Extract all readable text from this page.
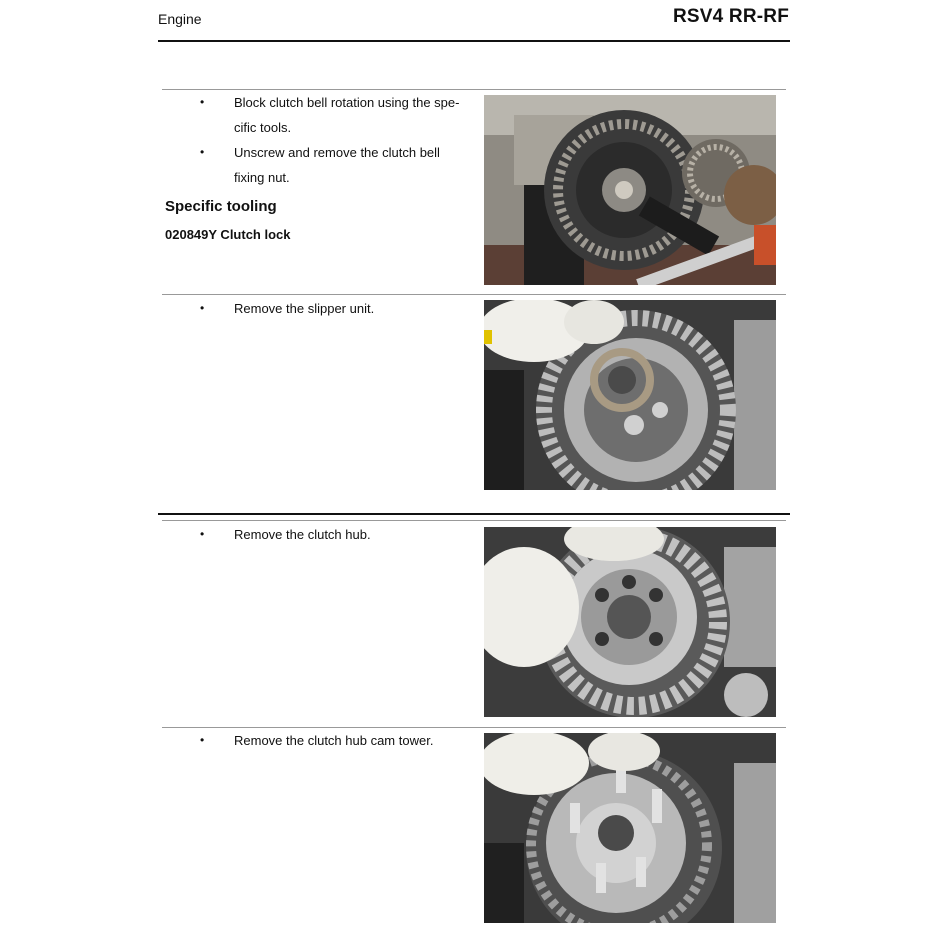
Engine	RSV4 RR-RF
• Block clutch bell rotation using the spe-cific tools.
• Unscrew and remove the clutch bell fixing nut.
Specific tooling
020849Y Clutch lock
• Remove the slipper unit.
• Remove the clutch hub.
• Remove the clutch hub cam tower.
